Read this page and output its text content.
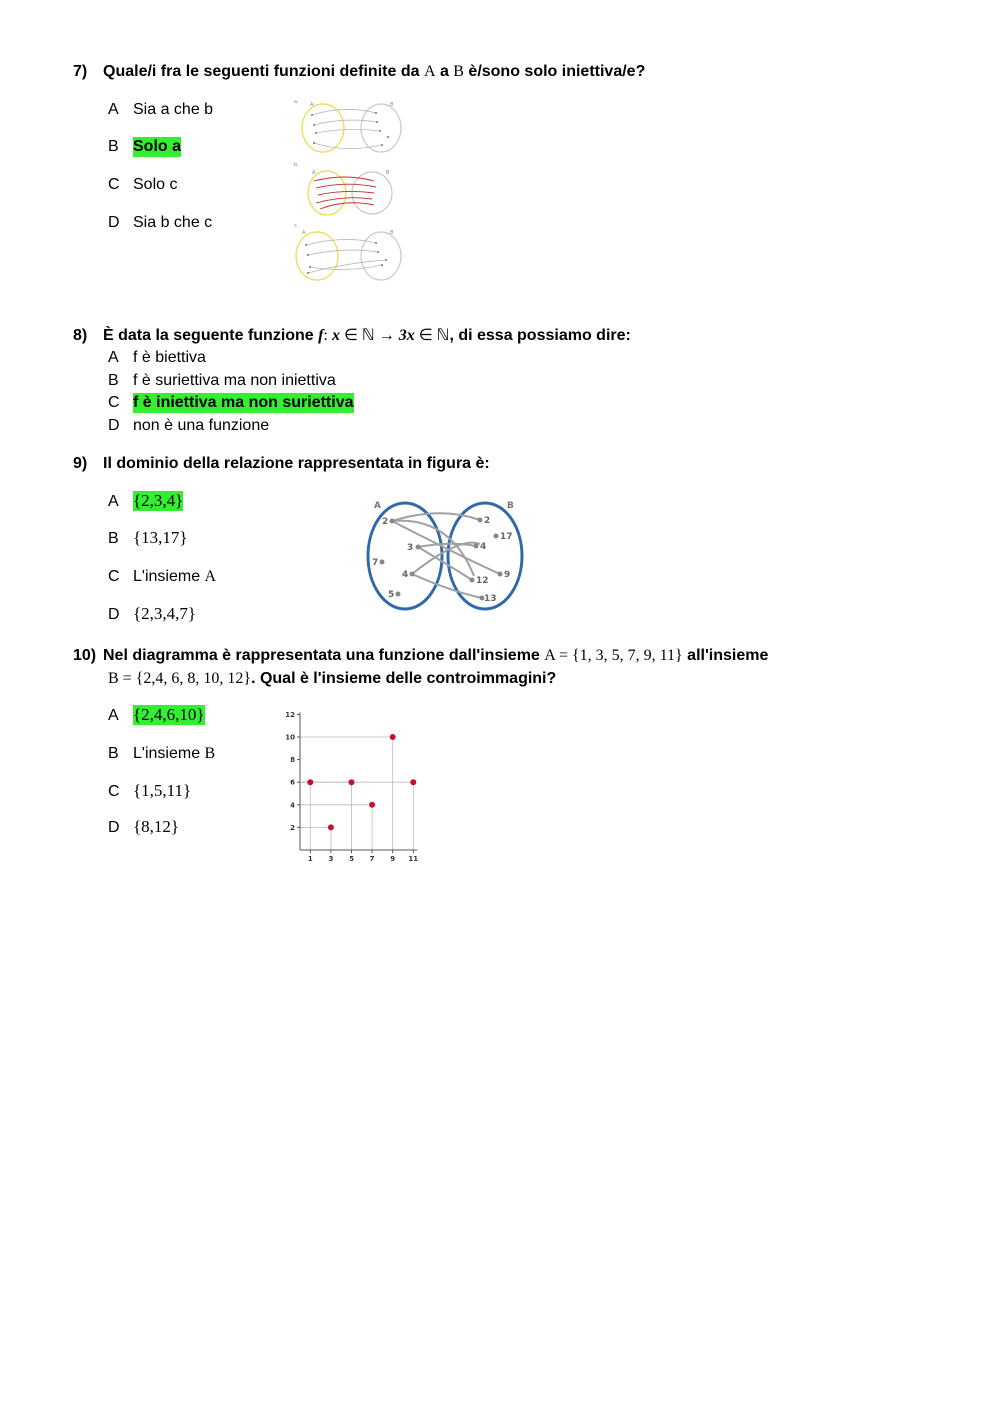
7) Quale/i fra le seguenti funzioni definite da A a B è/sono solo iniettiva/e?
A Sia a che b
B Solo a
C Solo c
D Sia b che c
a. A	B
b.
A	B
c.
A	B
8) È data la seguente funzione f: x ∈ ℕ → 3x ∈ ℕ, di essa possiamo dire:
A f è biettiva
B f è suriettiva ma non iniettiva
C f è iniettiva ma non suriettiva
D non è una funzione
9) Il dominio della relazione rappresentata in figura è:
A {2,3,4}
B {13,17}
C L'insieme A
D {2,3,4,7}
A	B
2
3
7
4
5
2
17
4
12
9
13
10) Nel diagramma è rappresentata una funzione dall'insieme A = {1, 3, 5, 7, 9, 11} all'insieme
B = {2,4, 6, 8, 10, 12}. Qual è l'insieme delle controimmagini?
A {2,4,6,10}
B L'insieme B
C {1,5,11}
D {8,12}
1 3 5 7 9 11
2
4
6
8
10
12
